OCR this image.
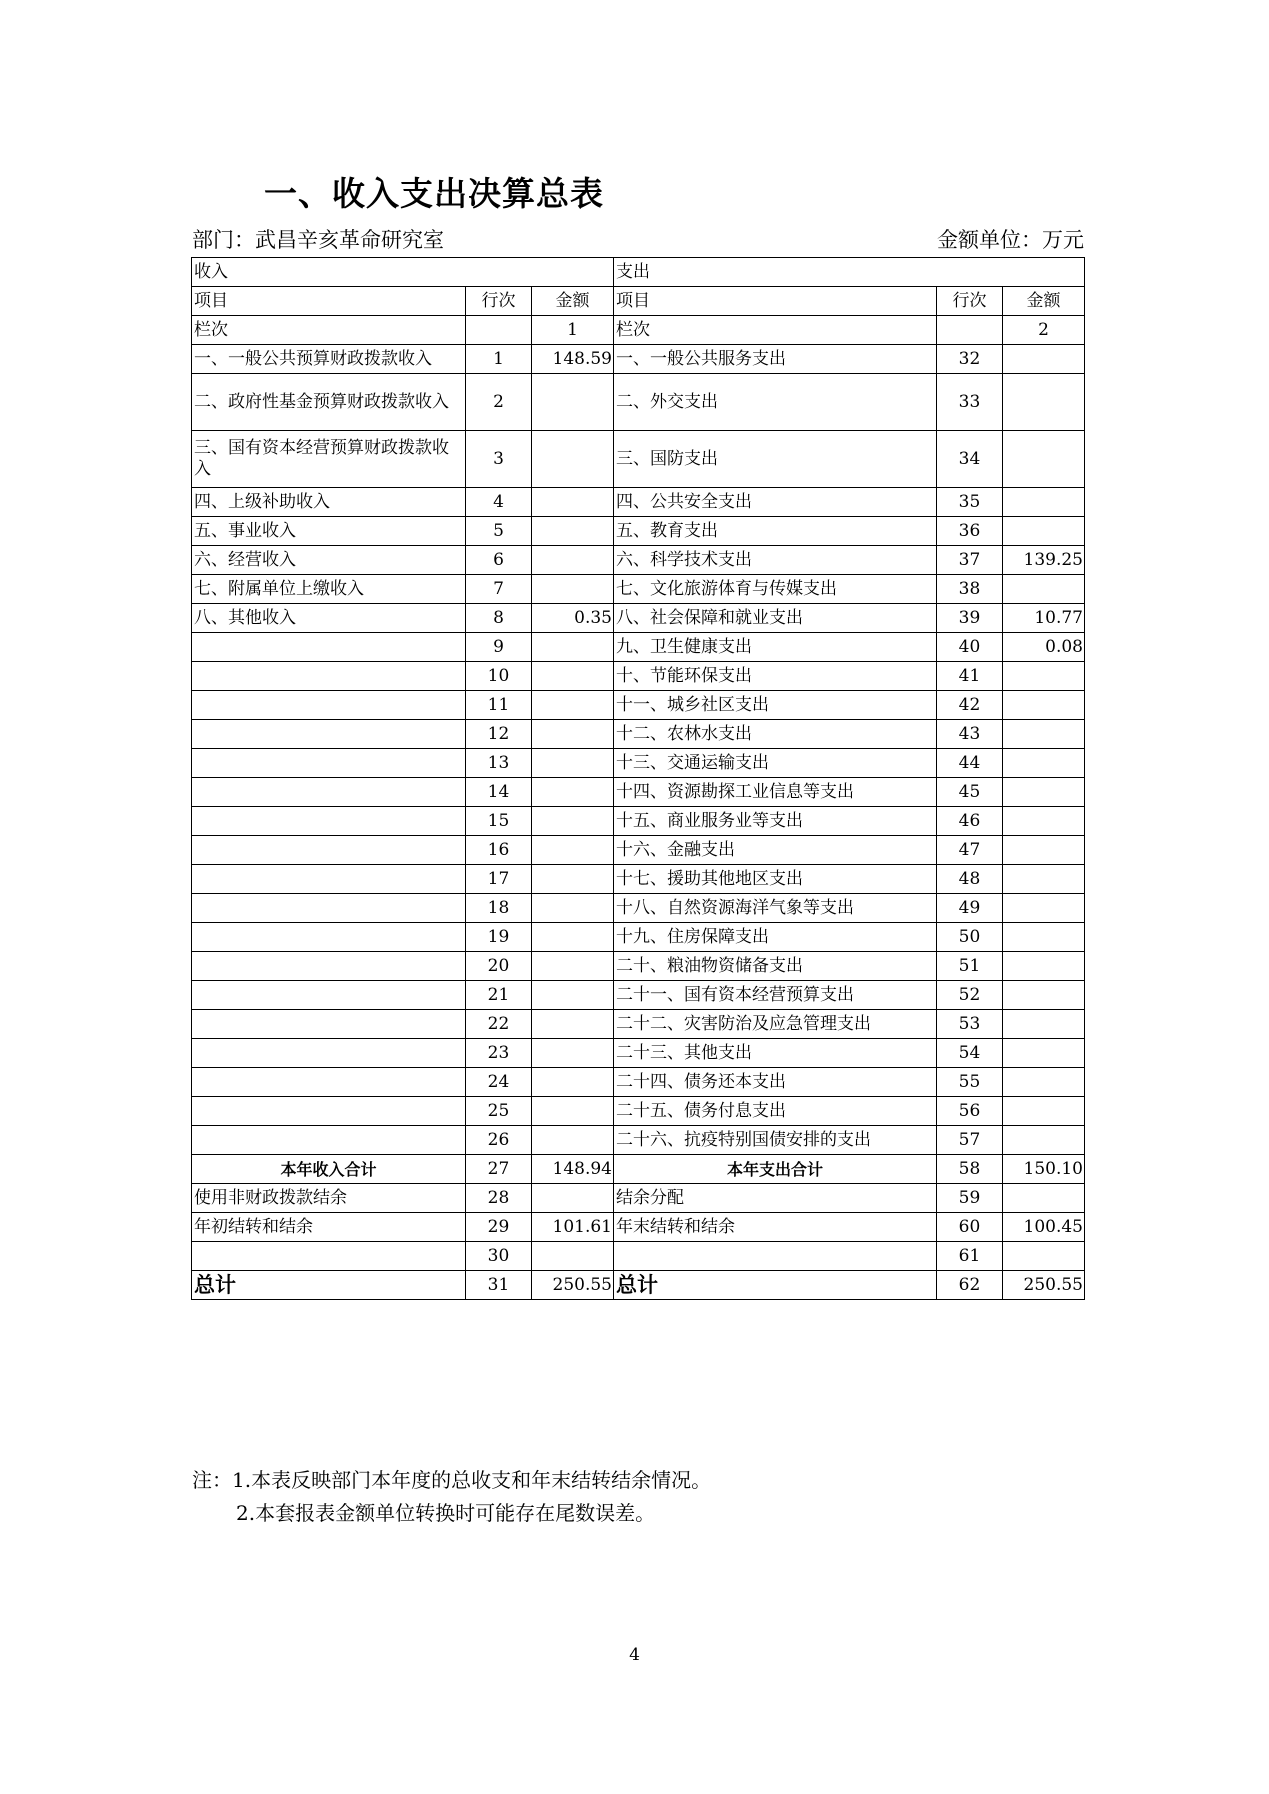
一、收入支出决算总表
部门：武昌辛亥革命研究室	金额单位：万元
收入			支出		
项目	行次	金额	项目	行次	金额
栏次		1	栏次		2
一、一般公共预算财政拨款收入	1	148.59	一、一般公共服务支出	32	
二、政府性基金预算财政拨款收入	2		二、外交支出	33	
三、国有资本经营预算财政拨款收入	3		三、国防支出	34	
四、上级补助收入	4		四、公共安全支出	35	
五、事业收入	5		五、教育支出	36	
六、经营收入	6		六、科学技术支出	37	139.25
七、附属单位上缴收入	7		七、文化旅游体育与传媒支出	38	
八、其他收入	8	0.35	八、社会保障和就业支出	39	10.77
	9		九、卫生健康支出	40	0.08
	10		十、节能环保支出	41	
	11		十一、城乡社区支出	42	
	12		十二、农林水支出	43	
	13		十三、交通运输支出	44	
	14		十四、资源勘探工业信息等支出	45	
	15		十五、商业服务业等支出	46	
	16		十六、金融支出	47	
	17		十七、援助其他地区支出	48	
	18		十八、自然资源海洋气象等支出	49	
	19		十九、住房保障支出	50	
	20		二十、粮油物资储备支出	51	
	21		二十一、国有资本经营预算支出	52	
	22		二十二、灾害防治及应急管理支出	53	
	23		二十三、其他支出	54	
	24		二十四、债务还本支出	55	
	25		二十五、债务付息支出	56	
	26		二十六、抗疫特别国债安排的支出	57	
本年收入合计	27	148.94	本年支出合计	58	150.10
使用非财政拨款结余	28		结余分配	59	
年初结转和结余	29	101.61	年末结转和结余	60	100.45
	30			61	
总计	31	250.55	总计	62	250.55
注：1.本表反映部门本年度的总收支和年末结转结余情况。
2.本套报表金额单位转换时可能存在尾数误差。
4
